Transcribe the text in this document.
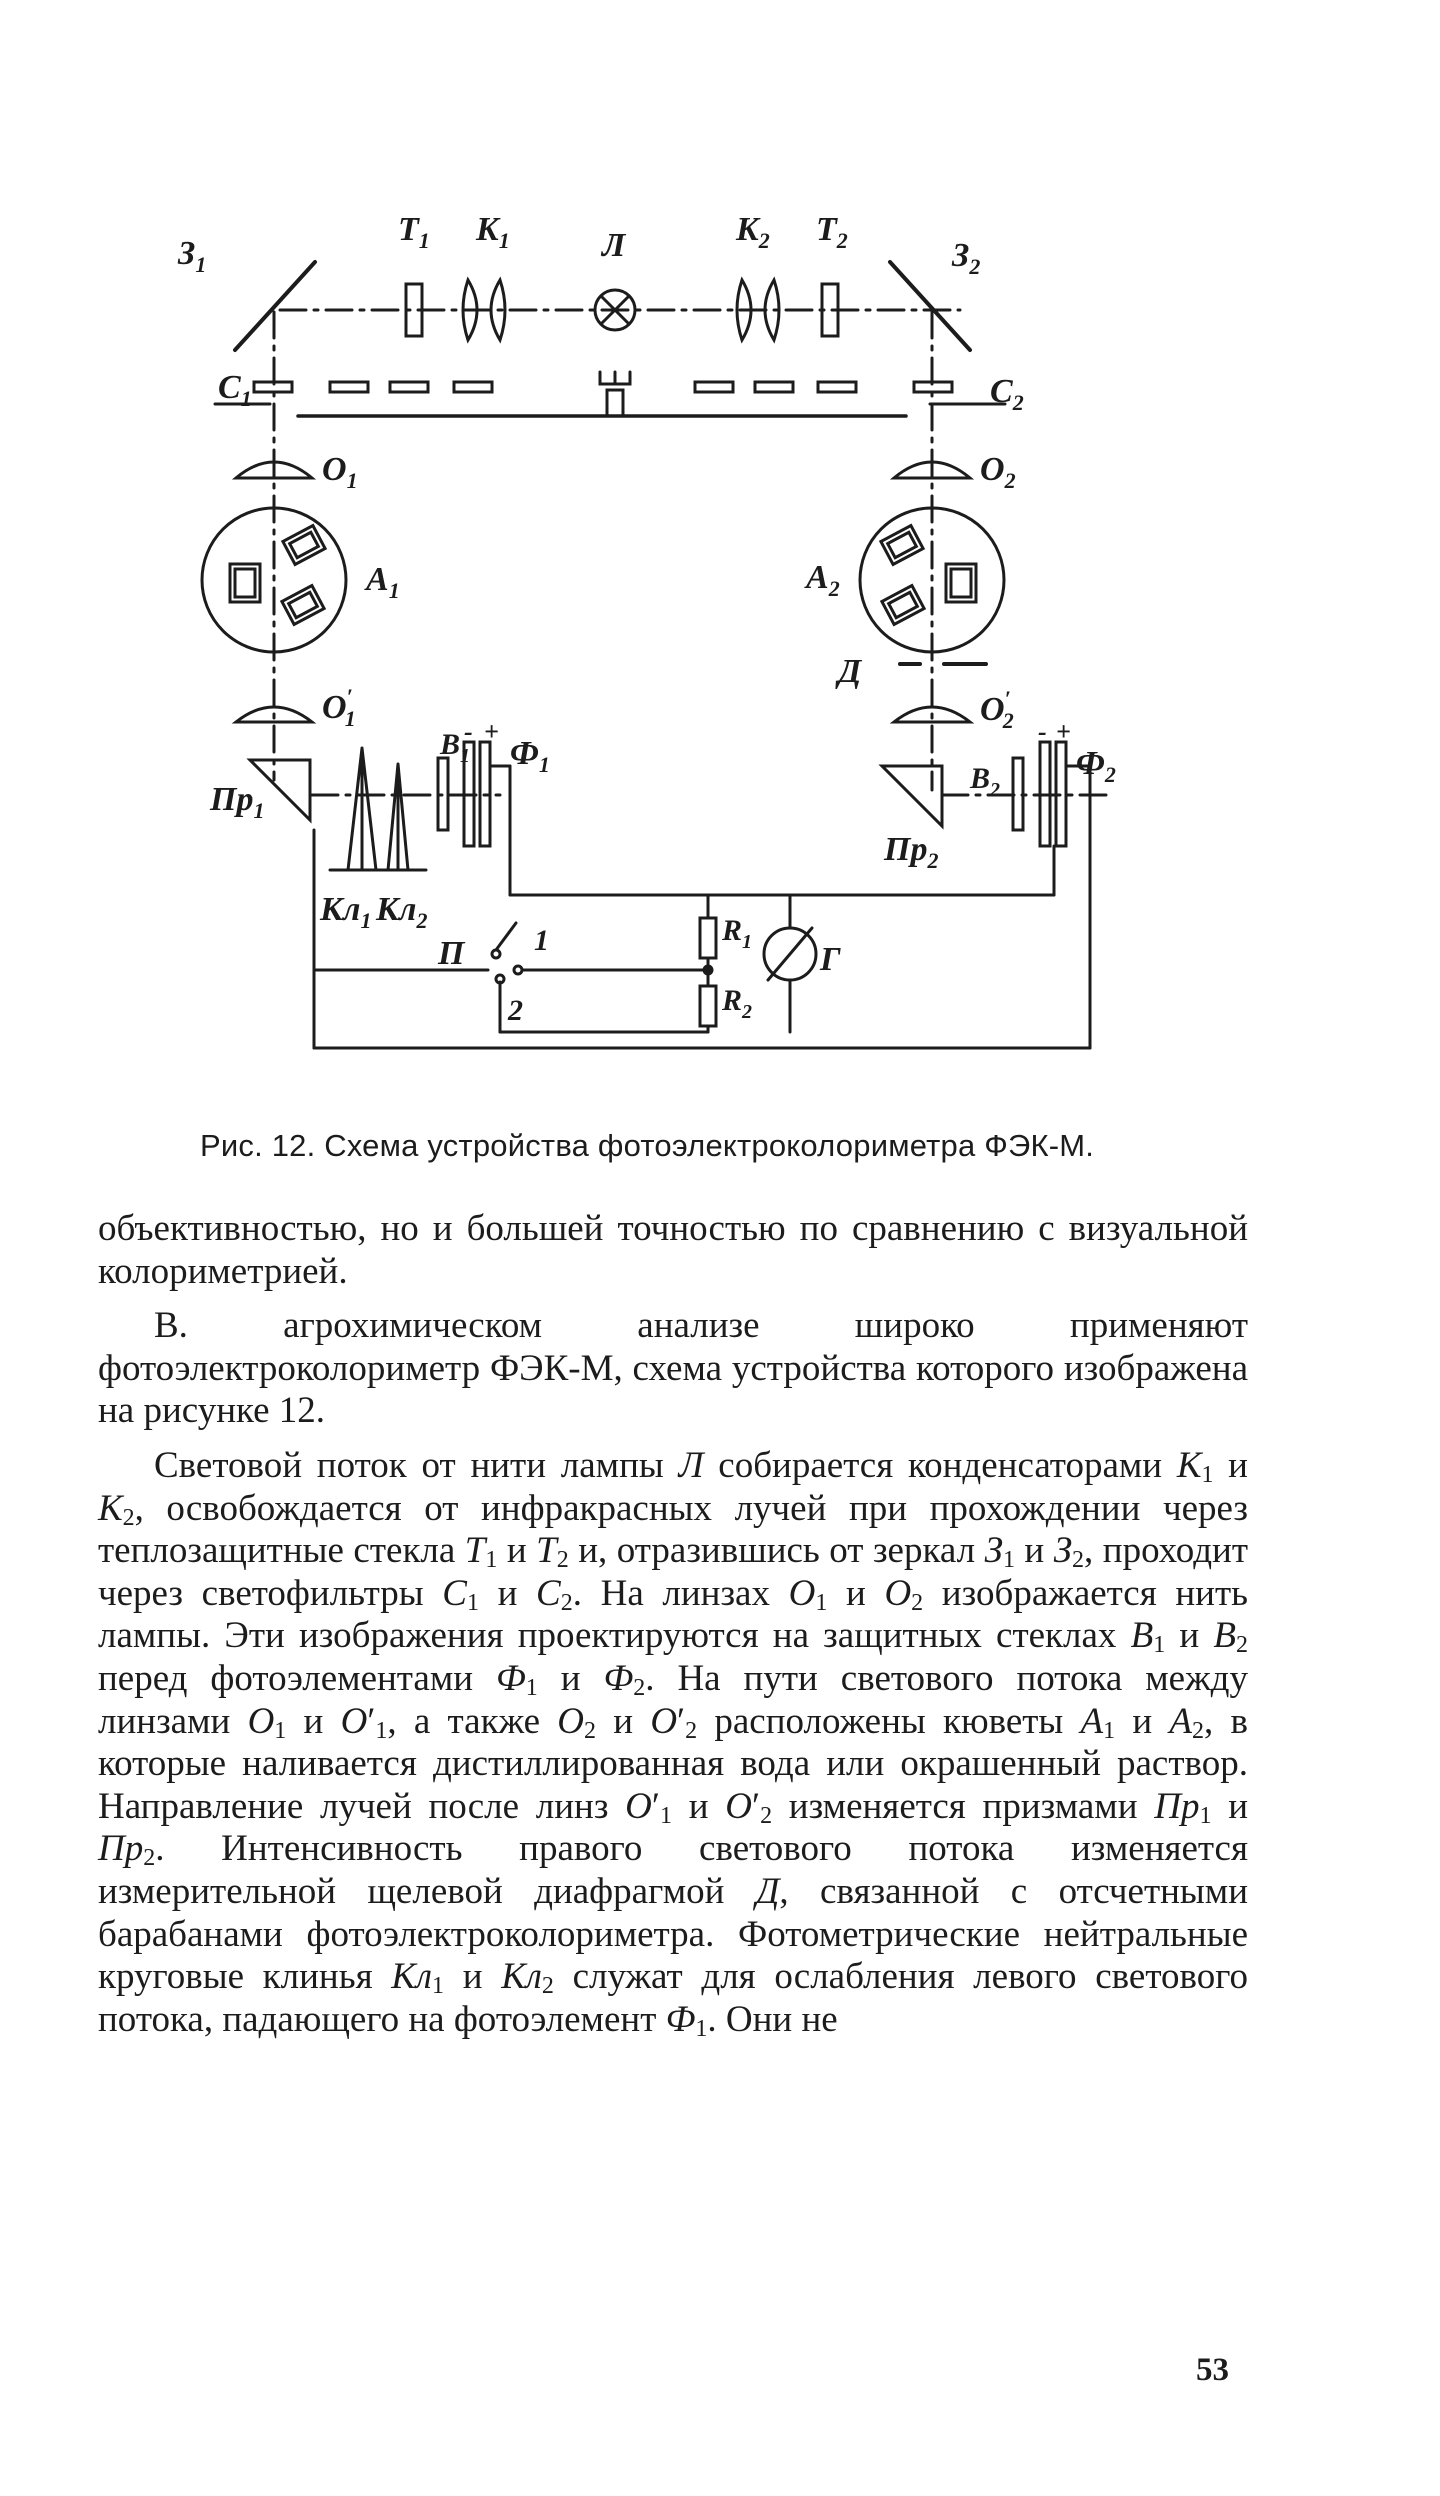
$З_1$
$T_1$ $K_1$	Л	$K_2$ $T_2$	$З_2$
$C_1$	$C_2$
$O_1$	$O_2$
$A_1$	$A_2$
Д
O′ 1	O′ 2
$Пр_1$
$Пр_2$
$B_1$
$B_2$
- +
$Ф_1$
- +
$Ф_2$
$Кл_1$ $Кл_2$
П 1
2
$R_1$
$R_2$
Г
Рис. 12. Схема устройства фотоэлектроколориметра ФЭК-М.

объективностью, но и большей точностью по сравнению с визуальной колориметрией.

В. агрохимическом анализе широко применяют фотоэлектроколориметр ФЭК-М, схема устройства которого изображена на рисунке 12.

Световой поток от нити лампы Л собирается конденсаторами $К_1$ и $К_2$, освобождается от инфракрасных лучей при прохождении через теплозащитные стекла $Т_1$ и $Т_2$ и, отразившись от зеркал $З_1$ и $З_2$, проходит через светофильтры $С_1$ и $С_2$. На линзах $О_1$ и $О_2$ изображается нить лампы. Эти изображения проектируются на защитных стеклах $В_1$ и $В_2$ перед фотоэлементами $Ф_1$ и $Ф_2$. На пути светового потока между линзами $О_1$ и $О'_1$, а также $О_2$ и $О'_2$ расположены кюветы $А_1$ и $А_2$, в которые наливается дистиллированная вода или окрашенный раствор. Направление лучей после линз $О'_1$ и $О'_2$ изменяется призмами $Пр_1$ и $Пр_2$. Интенсивность правого светового потока изменяется измерительной щелевой диафрагмой Д, связанной с отсчетными барабанами фотоэлектроколориметра. Фотометрические нейтральные круговые клинья $Кл_1$ и $Кл_2$ служат для ослабления левого светового потока, падающего на фотоэлемент $Ф_1$. Они не

53
